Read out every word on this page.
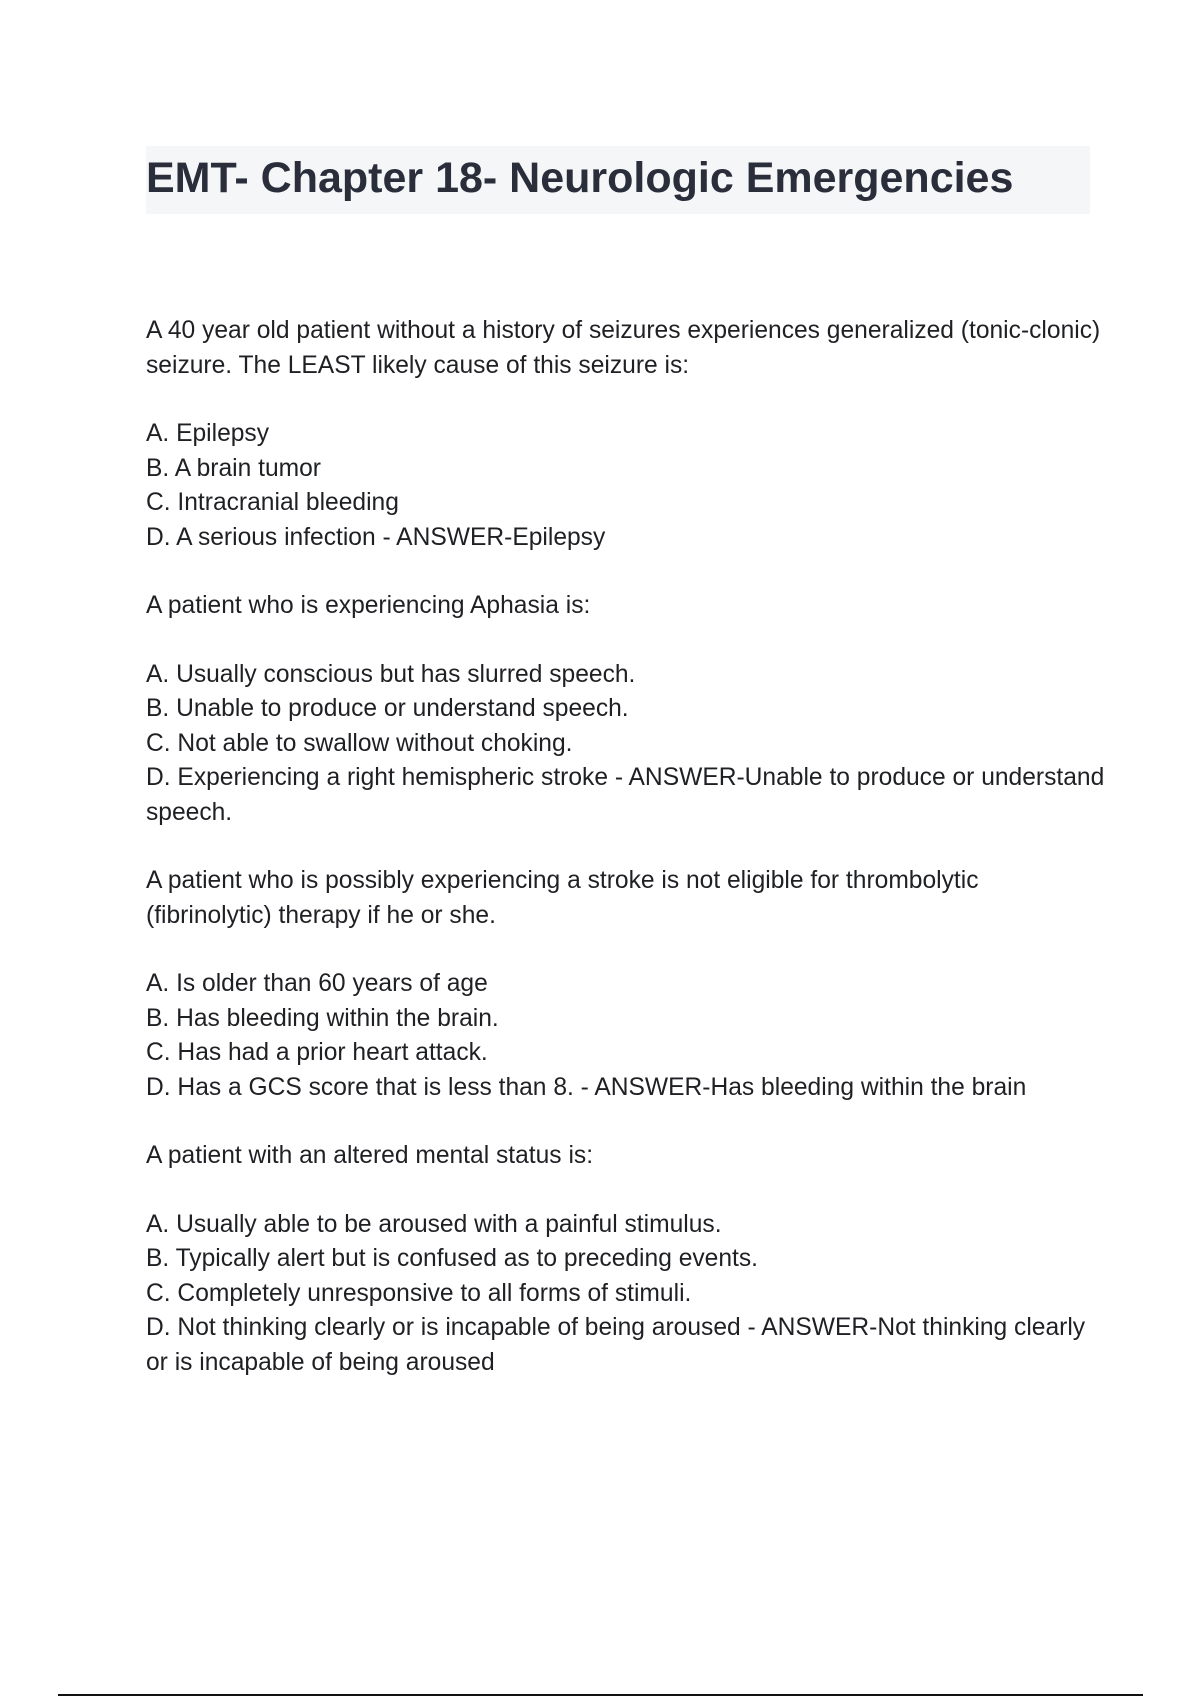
EMT- Chapter 18- Neurologic Emergencies

A 40 year old patient without a history of seizures experiences generalized (tonic-clonic) seizure. The LEAST likely cause of this seizure is:

A. Epilepsy
B. A brain tumor
C. Intracranial bleeding
D. A serious infection - ANSWER-Epilepsy

A patient who is experiencing Aphasia is:

A. Usually conscious but has slurred speech.
B. Unable to produce or understand speech.
C. Not able to swallow without choking.
D. Experiencing a right hemispheric stroke - ANSWER-Unable to produce or understand speech.

A patient who is possibly experiencing a stroke is not eligible for thrombolytic (fibrinolytic) therapy if he or she.

A. Is older than 60 years of age
B. Has bleeding within the brain.
C. Has had a prior heart attack.
D. Has a GCS score that is less than 8. - ANSWER-Has bleeding within the brain

A patient with an altered mental status is:

A. Usually able to be aroused with a painful stimulus.
B. Typically alert but is confused as to preceding events.
C. Completely unresponsive to all forms of stimuli.
D. Not thinking clearly or is incapable of being aroused - ANSWER-Not thinking clearly or is incapable of being aroused
